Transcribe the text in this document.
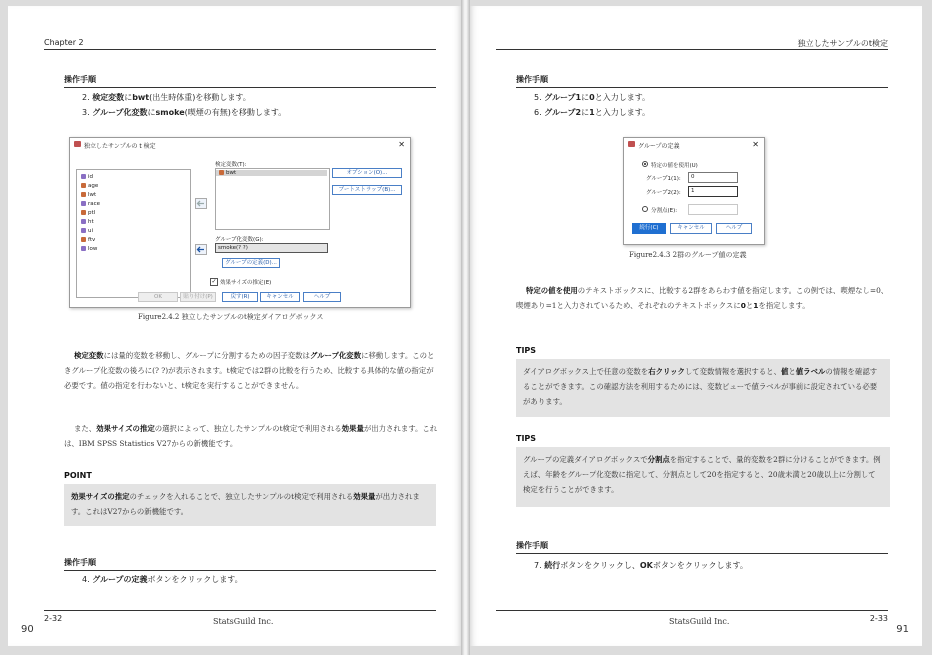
Chapter 2
操作手順
2. 検定変数にbwt(出生時体重)を移動します。
3. グループ化変数にsmoke(喫煙の有無)を移動します。
独立したサンプルの t 検定	✕
id
age
lwt
race
ptl
ht
ui
ftv
low
検定変数(T):
bwt
グループ化変数(G):
smoke(? ?)
グループの定義(D)...
✓ 効果サイズの推定(E)
オプション(O)...
ブートストラップ(B)...
OK	貼り付け(P)	戻す(R)	キャンセル	ヘルプ
Figure2.4.2 独立したサンプルのt検定ダイアログボックス
検定変数には量的変数を移動し、グループに分割するための因子変数はグループ化変数に移動します。このときグループ化変数の後ろに(? ?)が表示されます。t検定では2群の比較を行うため、比較する具体的な値の指定が必要です。値の指定を行わないと、t検定を実行することができません。
また、効果サイズの推定の選択によって、独立したサンプルのt検定で利用される効果量が出力されます。これは、IBM SPSS Statistics V27からの新機能です。
POINT
効果サイズの推定のチェックを入れることで、独立したサンプルのt検定で利用される効果量が出力されます。これはV27からの新機能です。
操作手順
4. グループの定義ボタンをクリックします。
2-32	StatsGuild Inc.
90
独立したサンプルのt検定
操作手順
5. グループ1に0と入力します。
6. グループ2に1と入力します。
グループの定義	✕
特定の値を使用(U)
グループ1(1):	0
グループ2(2):	1
分割点(E):
続行(C)	キャンセル	ヘルプ
Figure2.4.3 2群のグループ値の定義
特定の値を使用のテキストボックスに、比較する2群をあらわす値を指定します。この例では、喫煙なし=0、喫煙あり=1と入力されているため、それぞれのテキストボックスに0と1を指定します。
TIPS
ダイアログボックス上で任意の変数を右クリックして変数情報を選択すると、値と値ラベルの情報を確認することができます。この確認方法を利用するためには、変数ビューで値ラベルが事前に設定されている必要があります。
TIPS
グループの定義ダイアログボックスで分割点を指定することで、量的変数を2群に分けることができます。例えば、年齢をグループ化変数に指定して、分割点として20を指定すると、20歳未満と20歳以上に分割して検定を行うことができます。
操作手順
7. 続行ボタンをクリックし、OKボタンをクリックします。
2-33
StatsGuild Inc.
91
